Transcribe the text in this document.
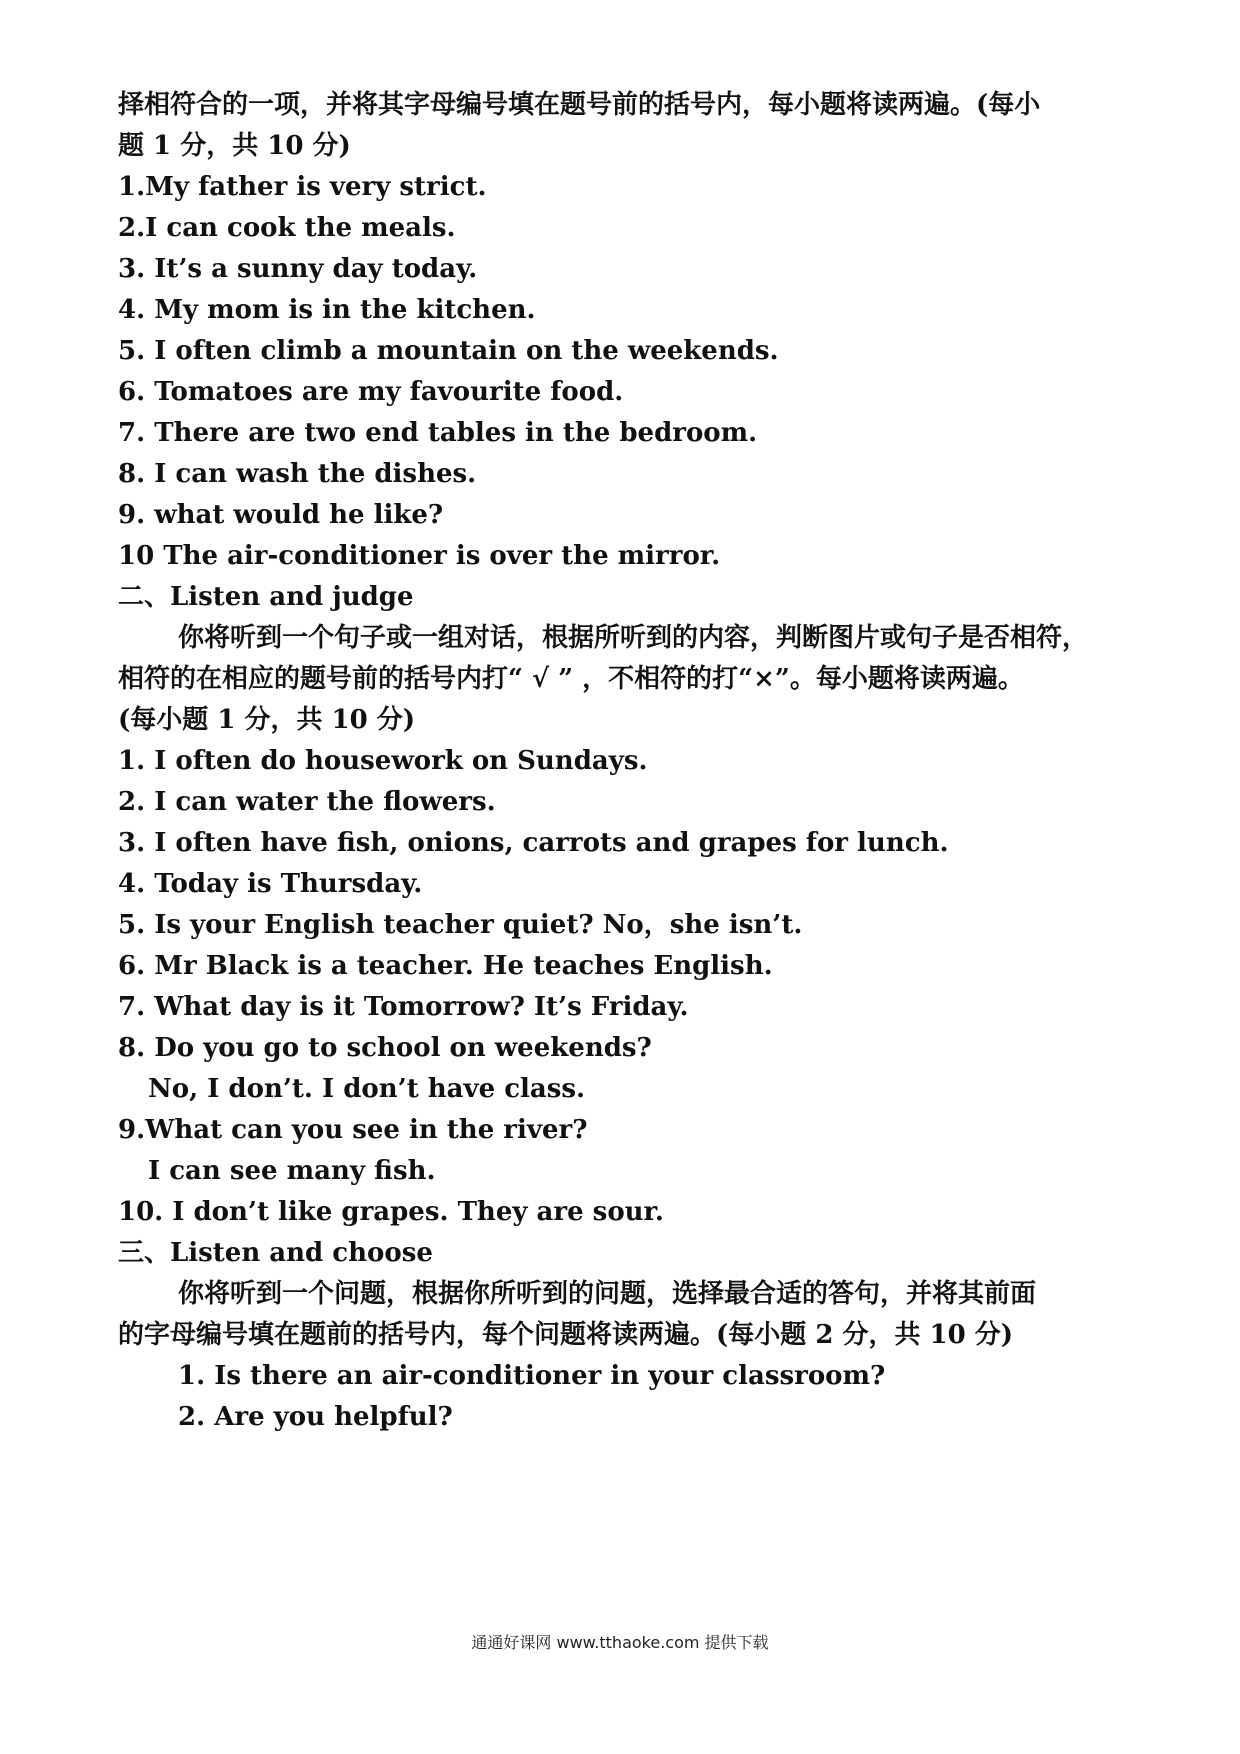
择相符合的一项，并将其字母编号填在题号前的括号内，每小题将读两遍。(每小
题 1 分，共 10 分)
1.My father is very strict.
2.I can cook the meals.
3. It’s a sunny day today.
4. My mom is in the kitchen.
5. I often climb a mountain on the weekends.
6. Tomatoes are my favourite food.
7. There are two end tables in the bedroom.
8. I can wash the dishes.
9. what would he like?
10 The air-conditioner is over the mirror.
二、Listen and judge
你将听到一个句子或一组对话，根据所听到的内容，判断图片或句子是否相符，
相符的在相应的题号前的括号内打“ √ ” ，不相符的打“×”。每小题将读两遍。
(每小题 1 分，共 10 分)
1. I often do housework on Sundays.
2. I can water the flowers.
3. I often have fish, onions, carrots and grapes for lunch.
4. Today is Thursday.
5. Is your English teacher quiet? No，she isn’t.
6. Mr Black is a teacher. He teaches English.
7. What day is it Tomorrow? It’s Friday.
8. Do you go to school on weekends?
No, I don’t. I don’t have class.
9.What can you see in the river?
I can see many fish.
10. I don’t like grapes. They are sour.
三、Listen and choose
你将听到一个问题，根据你所听到的问题，选择最合适的答句，并将其前面
的字母编号填在题前的括号内，每个问题将读两遍。(每小题 2 分，共 10 分)
1. Is there an air-conditioner in your classroom?
2. Are you helpful?
通通好课网 www.tthaoke.com 提供下载
